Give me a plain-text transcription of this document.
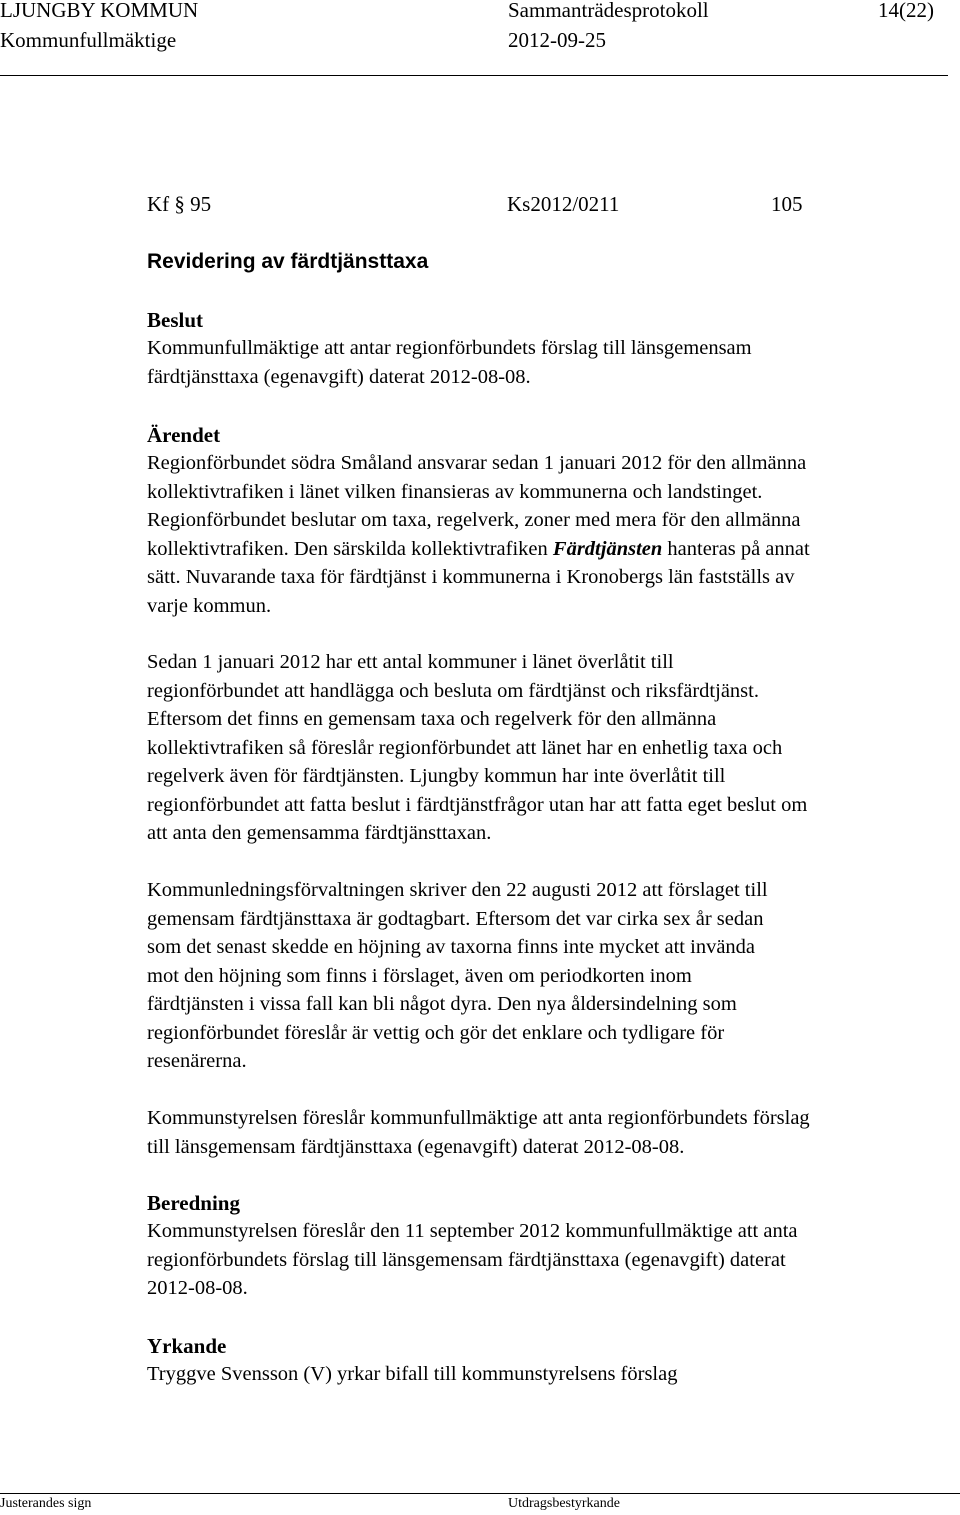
LJUNGBY KOMMUN
Kommunfullmäktige
Sammanträdesprotokoll
2012-09-25
14(22)
Kf § 95	Ks2012/0211	105
Revidering av färdtjänsttaxa
Beslut
Kommunfullmäktige att antar regionförbundets förslag till länsgemensam
färdtjänsttaxa (egenavgift) daterat 2012-08-08.
Ärendet
Regionförbundet södra Småland ansvarar sedan 1 januari 2012 för den allmänna
kollektivtrafiken i länet vilken finansieras av kommunerna och landstinget.
Regionförbundet beslutar om taxa, regelverk, zoner med mera för den allmänna
kollektivtrafiken. Den särskilda kollektivtrafiken Färdtjänsten hanteras på annat
sätt. Nuvarande taxa för färdtjänst i kommunerna i Kronobergs län fastställs av
varje kommun.
Sedan 1 januari 2012 har ett antal kommuner i länet överlåtit till
regionförbundet att handlägga och besluta om färdtjänst och riksfärdtjänst.
Eftersom det finns en gemensam taxa och regelverk för den allmänna
kollektivtrafiken så föreslår regionförbundet att länet har en enhetlig taxa och
regelverk även för färdtjänsten. Ljungby kommun har inte överlåtit till
regionförbundet att fatta beslut i färdtjänstfrågor utan har att fatta eget beslut om
att anta den gemensamma färdtjänsttaxan.
Kommunledningsförvaltningen skriver den 22 augusti 2012 att förslaget till
gemensam färdtjänsttaxa är godtagbart. Eftersom det var cirka sex år sedan
som det senast skedde en höjning av taxorna finns inte mycket att invända
mot den höjning som finns i förslaget, även om periodkorten inom
färdtjänsten i vissa fall kan bli något dyra. Den nya åldersindelning som
regionförbundet föreslår är vettig och gör det enklare och tydligare för
resenärerna.
Kommunstyrelsen föreslår kommunfullmäktige att anta regionförbundets förslag
till länsgemensam färdtjänsttaxa (egenavgift) daterat 2012-08-08.
Beredning
Kommunstyrelsen föreslår den 11 september 2012 kommunfullmäktige att anta
regionförbundets förslag till länsgemensam färdtjänsttaxa (egenavgift) daterat
2012-08-08.
Yrkande
Tryggve Svensson (V) yrkar bifall till kommunstyrelsens förslag
Justerandes sign	Utdragsbestyrkande
